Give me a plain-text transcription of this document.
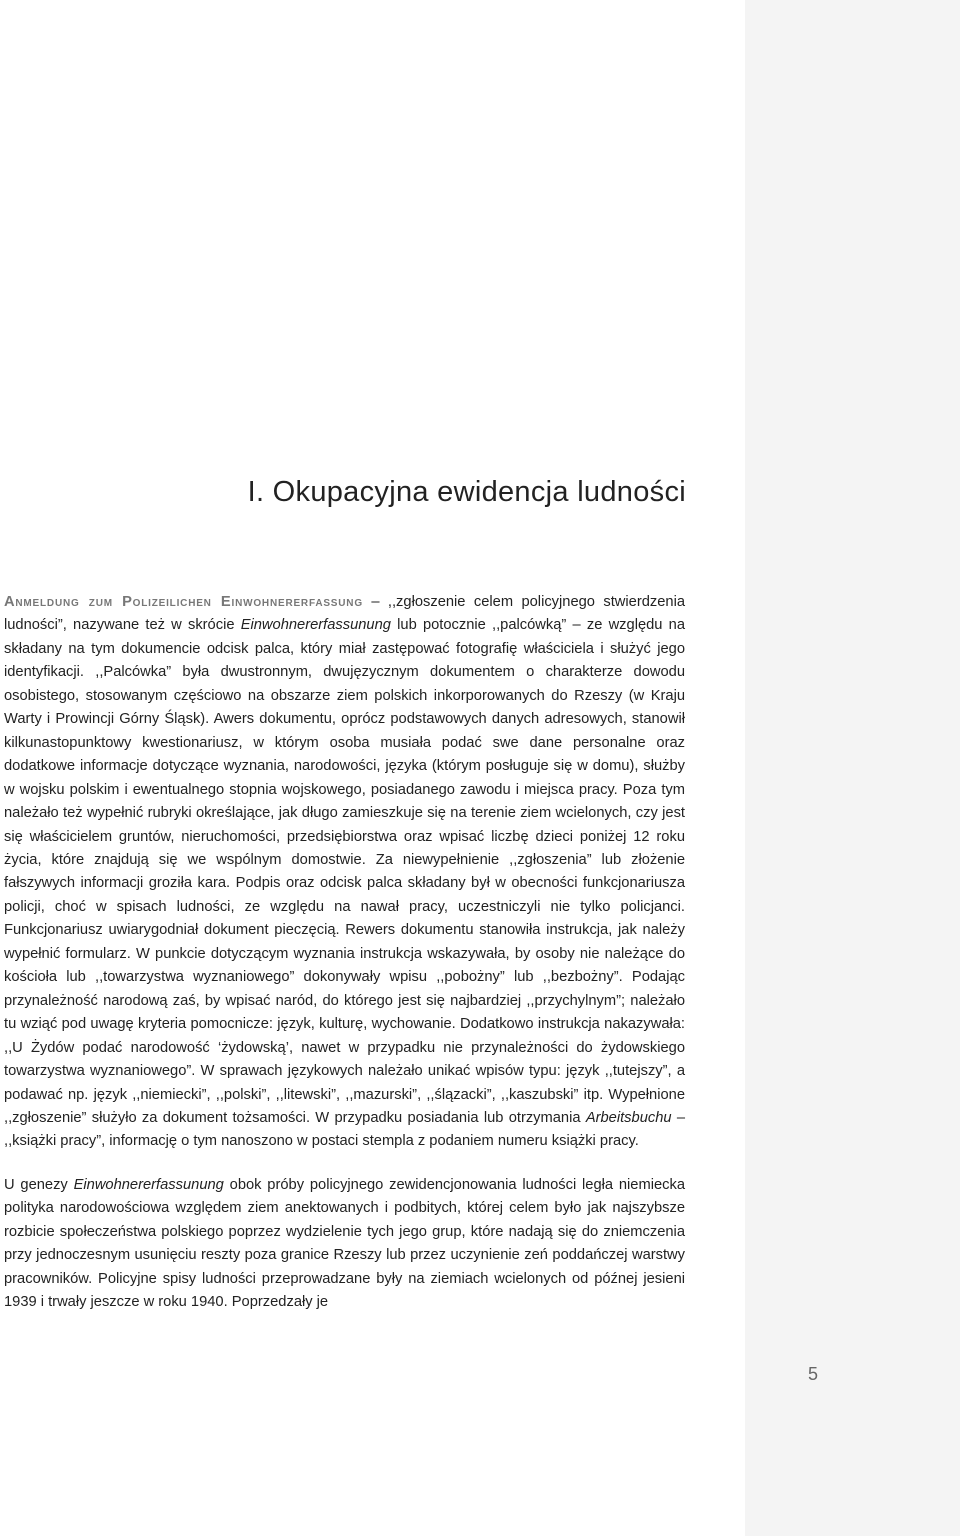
I. Okupacyjna ewidencja ludności

Anmeldung zum Polizeilichen Einwohnererfassung – ,,zgłoszenie celem policyjnego stwierdzenia ludności”, nazywane też w skrócie Einwohnererfassunung lub potocznie ,,palcówką” – ze względu na składany na tym dokumencie odcisk palca, który miał zastępować fotografię właściciela i służyć jego identyfikacji. ,,Palcówka” była dwustronnym, dwujęzycznym dokumentem o charakterze dowodu osobistego, stosowanym częściowo na obszarze ziem polskich inkorporowanych do Rzeszy (w Kraju Warty i Prowincji Górny Śląsk). Awers dokumentu, oprócz podstawowych danych adresowych, stanowił kilkunastopunktowy kwestionariusz, w którym osoba musiała podać swe dane personalne oraz dodatkowe informacje dotyczące wyznania, narodowości, języka (którym posługuje się w domu), służby w wojsku polskim i ewentualnego stopnia wojskowego, posiadanego zawodu i miejsca pracy. Poza tym należało też wypełnić rubryki określające, jak długo zamieszkuje się na terenie ziem wcielonych, czy jest się właścicielem gruntów, nieruchomości, przedsiębiorstwa oraz wpisać liczbę dzieci poniżej 12 roku życia, które znajdują się we wspólnym domostwie. Za niewypełnienie ,,zgłoszenia” lub złożenie fałszywych informacji groziła kara. Podpis oraz odcisk palca składany był w obecności funkcjonariusza policji, choć w spisach ludności, ze względu na nawał pracy, uczestniczyli nie tylko policjanci. Funkcjonariusz uwiarygodniał dokument pieczęcią. Rewers dokumentu stanowiła instrukcja, jak należy wypełnić formularz. W punkcie dotyczącym wyznania instrukcja wskazywała, by osoby nie należące do kościoła lub ,,towarzystwa wyznaniowego” dokonywały wpisu ,,pobożny” lub ,,bezbożny”. Podając przynależność narodową zaś, by wpisać naród, do którego jest się najbardziej ,,przychylnym”; należało tu wziąć pod uwagę kryteria pomocnicze: język, kulturę, wychowanie. Dodatkowo instrukcja nakazywała: ,,U Żydów podać narodowość ‘żydowską’, nawet w przypadku nie przynależności do żydowskiego towarzystwa wyznaniowego”. W sprawach językowych należało unikać wpisów typu: język ,,tutejszy”, a podawać np. język ,,niemiecki”, ,,polski”, ,,litewski”, ,,mazurski”, ,,ślązacki”, ,,kaszubski” itp. Wypełnione ,,zgłoszenie” służyło za dokument tożsamości. W przypadku posiadania lub otrzymania Arbeitsbuchu – ,,książki pracy”, informację o tym nanoszono w postaci stempla z podaniem numeru książki pracy.

U genezy Einwohnererfassunung obok próby policyjnego zewidencjonowania ludności legła niemiecka polityka narodowościowa względem ziem anektowanych i podbitych, której celem było jak najszybsze rozbicie społeczeństwa polskiego poprzez wydzielenie tych jego grup, które nadają się do zniemczenia przy jednoczesnym usunięciu reszty poza granice Rzeszy lub przez uczynienie zeń poddańczej warstwy pracowników. Policyjne spisy ludności przeprowadzane były na ziemiach wcielonych od późnej jesieni 1939 i trwały jeszcze w roku 1940. Poprzedzały je

5
